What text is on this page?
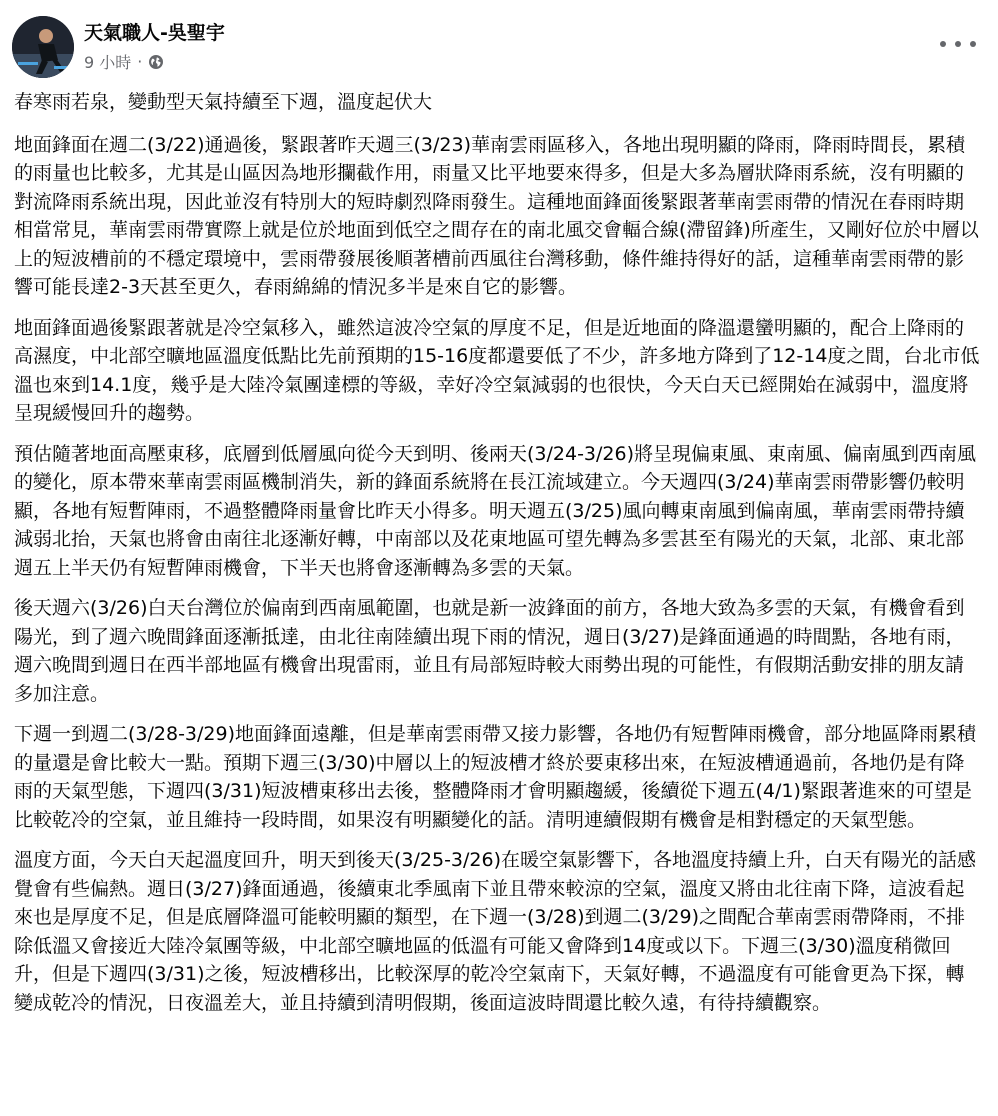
天氣職人-吳聖宇
9 小時 ·

春寒雨若泉，變動型天氣持續至下週，溫度起伏大

地面鋒面在週二(3/22)通過後，緊跟著昨天週三(3/23)華南雲雨區移入，各地出現明顯的降雨，降雨時間長，累積的雨量也比較多，尤其是山區因為地形攔截作用，雨量又比平地要來得多，但是大多為層狀降雨系統，沒有明顯的對流降雨系統出現，因此並沒有特別大的短時劇烈降雨發生。這種地面鋒面後緊跟著華南雲雨帶的情況在春雨時期相當常見，華南雲雨帶實際上就是位於地面到低空之間存在的南北風交會輻合線(滯留鋒)所產生，又剛好位於中層以上的短波槽前的不穩定環境中，雲雨帶發展後順著槽前西風往台灣移動，條件維持得好的話，這種華南雲雨帶的影響可能長達2-3天甚至更久，春雨綿綿的情況多半是來自它的影響。

地面鋒面過後緊跟著就是冷空氣移入，雖然這波冷空氣的厚度不足，但是近地面的降溫還蠻明顯的，配合上降雨的高濕度，中北部空曠地區溫度低點比先前預期的15-16度都還要低了不少，許多地方降到了12-14度之間，台北市低溫也來到14.1度，幾乎是大陸冷氣團達標的等級，幸好冷空氣減弱的也很快，今天白天已經開始在減弱中，溫度將呈現緩慢回升的趨勢。

預估隨著地面高壓東移，底層到低層風向從今天到明、後兩天(3/24-3/26)將呈現偏東風、東南風、偏南風到西南風的變化，原本帶來華南雲雨區機制消失，新的鋒面系統將在長江流域建立。今天週四(3/24)華南雲雨帶影響仍較明顯，各地有短暫陣雨，不過整體降雨量會比昨天小得多。明天週五(3/25)風向轉東南風到偏南風，華南雲雨帶持續減弱北抬，天氣也將會由南往北逐漸好轉，中南部以及花東地區可望先轉為多雲甚至有陽光的天氣，北部、東北部週五上半天仍有短暫陣雨機會，下半天也將會逐漸轉為多雲的天氣。

後天週六(3/26)白天台灣位於偏南到西南風範圍，也就是新一波鋒面的前方，各地大致為多雲的天氣，有機會看到陽光，到了週六晚間鋒面逐漸抵達，由北往南陸續出現下雨的情況，週日(3/27)是鋒面通過的時間點，各地有雨，週六晚間到週日在西半部地區有機會出現雷雨，並且有局部短時較大雨勢出現的可能性，有假期活動安排的朋友請多加注意。

下週一到週二(3/28-3/29)地面鋒面遠離，但是華南雲雨帶又接力影響，各地仍有短暫陣雨機會，部分地區降雨累積的量還是會比較大一點。預期下週三(3/30)中層以上的短波槽才終於要東移出來，在短波槽通過前，各地仍是有降雨的天氣型態，下週四(3/31)短波槽東移出去後，整體降雨才會明顯趨緩，後續從下週五(4/1)緊跟著進來的可望是比較乾冷的空氣，並且維持一段時間，如果沒有明顯變化的話。清明連續假期有機會是相對穩定的天氣型態。

溫度方面，今天白天起溫度回升，明天到後天(3/25-3/26)在暖空氣影響下，各地溫度持續上升，白天有陽光的話感覺會有些偏熱。週日(3/27)鋒面通過，後續東北季風南下並且帶來較涼的空氣，溫度又將由北往南下降，這波看起來也是厚度不足，但是底層降溫可能較明顯的類型，在下週一(3/28)到週二(3/29)之間配合華南雲雨帶降雨，不排除低溫又會接近大陸冷氣團等級，中北部空曠地區的低溫有可能又會降到14度或以下。下週三(3/30)溫度稍微回升，但是下週四(3/31)之後，短波槽移出，比較深厚的乾冷空氣南下，天氣好轉，不過溫度有可能會更為下探，轉變成乾冷的情況，日夜溫差大，並且持續到清明假期，後面這波時間還比較久遠，有待持續觀察。
